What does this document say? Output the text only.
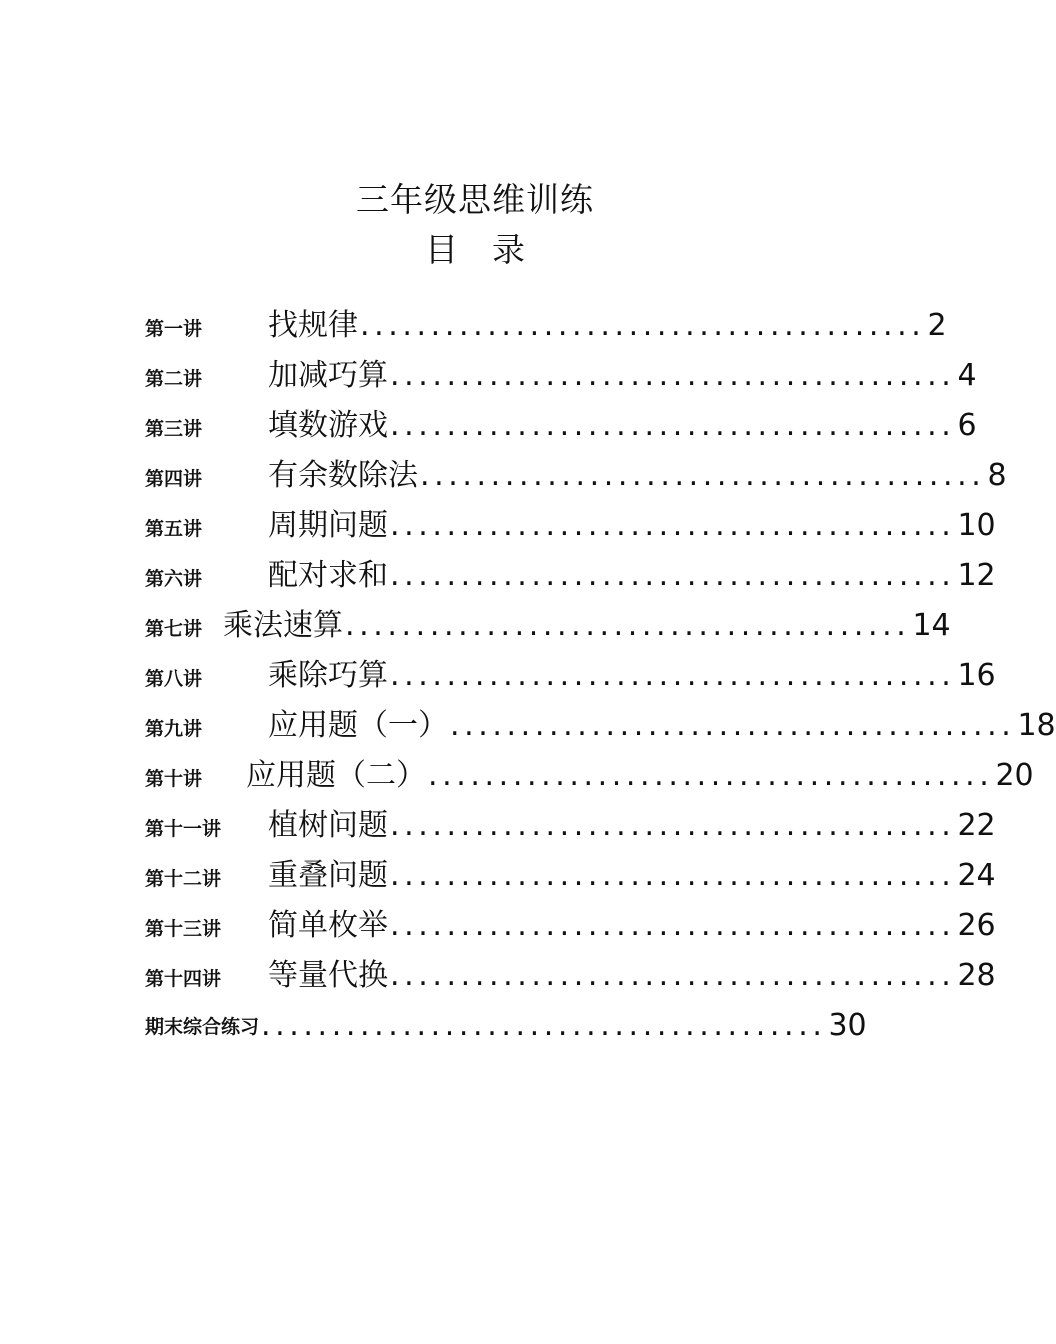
三年级思维训练
目录
第一讲 找规律 ........................................ 2
第二讲 加减巧算 ........................................ 4
第三讲 填数游戏 ........................................ 6
第四讲 有余数除法 ........................................ 8
第五讲 周期问题 ........................................ 10
第六讲 配对求和 ........................................ 12
第七讲 乘法速算 ........................................ 14
第八讲 乘除巧算 ........................................ 16
第九讲 应用题（一） ........................................ 18
第十讲 应用题（二） ........................................ 20
第十一讲 植树问题 ........................................ 22
第十二讲 重叠问题 ........................................ 24
第十三讲 简单枚举 ........................................ 26
第十四讲 等量代换 ........................................ 28
期末综合练习 ........................................ 30
